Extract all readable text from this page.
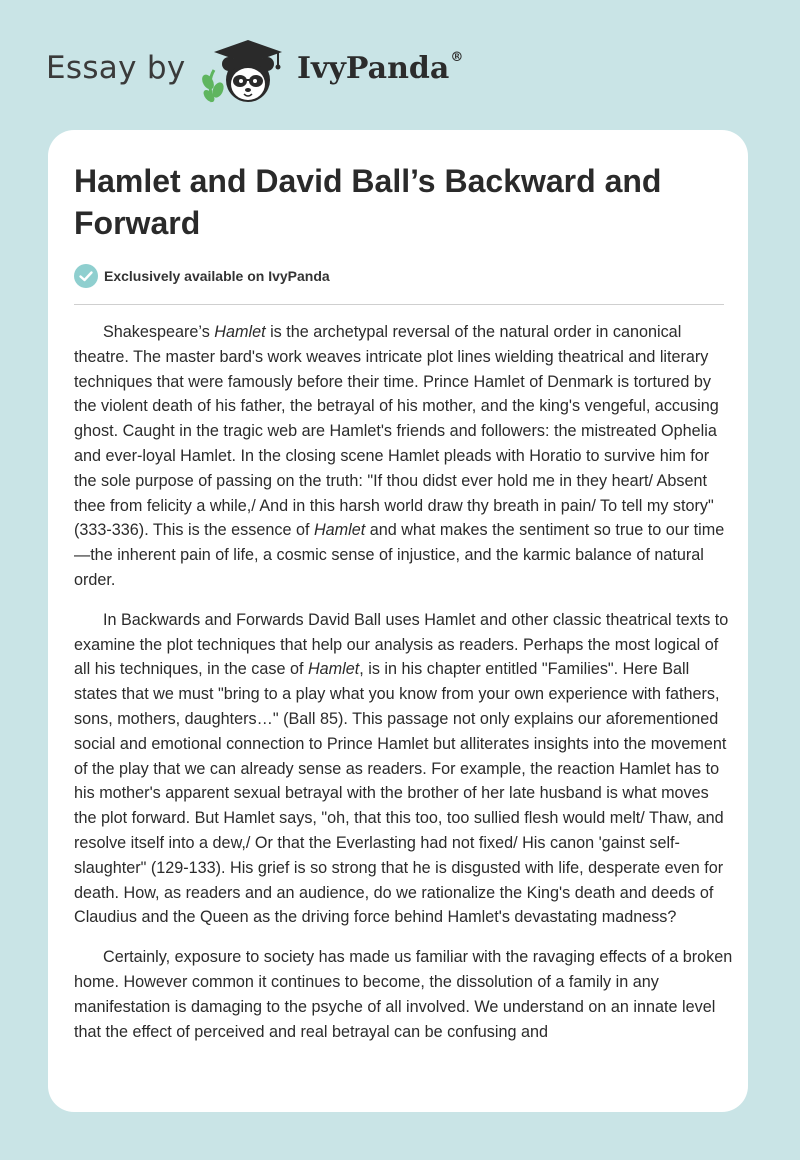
Essay by	IvyPanda®
Hamlet and David Ball’s Backward and Forward
Exclusively available on IvyPanda

Shakespeare’s Hamlet is the archetypal reversal of the natural order in canonical theatre. The master bard's work weaves intricate plot lines wielding theatrical and literary techniques that were famously before their time. Prince Hamlet of Denmark is tortured by the violent death of his father, the betrayal of his mother, and the king's vengeful, accusing ghost. Caught in the tragic web are Hamlet's friends and followers: the mistreated Ophelia and ever-loyal Hamlet. In the closing scene Hamlet pleads with Horatio to survive him for the sole purpose of passing on the truth: "If thou didst ever hold me in they heart/ Absent thee from felicity a while,/ And in this harsh world draw thy breath in pain/ To tell my story" (333-336). This is the essence of Hamlet and what makes the sentiment so true to our time—the inherent pain of life, a cosmic sense of injustice, and the karmic balance of natural order.

In Backwards and Forwards David Ball uses Hamlet and other classic theatrical texts to examine the plot techniques that help our analysis as readers. Perhaps the most logical of all his techniques, in the case of Hamlet, is in his chapter entitled "Families". Here Ball states that we must "bring to a play what you know from your own experience with fathers, sons, mothers, daughters…" (Ball 85). This passage not only explains our aforementioned social and emotional connection to Prince Hamlet but alliterates insights into the movement of the play that we can already sense as readers. For example, the reaction Hamlet has to his mother's apparent sexual betrayal with the brother of her late husband is what moves the plot forward. But Hamlet says, "oh, that this too, too sullied flesh would melt/ Thaw, and resolve itself into a dew,/ Or that the Everlasting had not fixed/ His canon 'gainst self-slaughter" (129-133). His grief is so strong that he is disgusted with life, desperate even for death. How, as readers and an audience, do we rationalize the King's death and deeds of Claudius and the Queen as the driving force behind Hamlet's devastating madness?

Certainly, exposure to society has made us familiar with the ravaging effects of a broken home. However common it continues to become, the dissolution of a family in any manifestation is damaging to the psyche of all involved. We understand on an innate level that the effect of perceived and real betrayal can be confusing and
